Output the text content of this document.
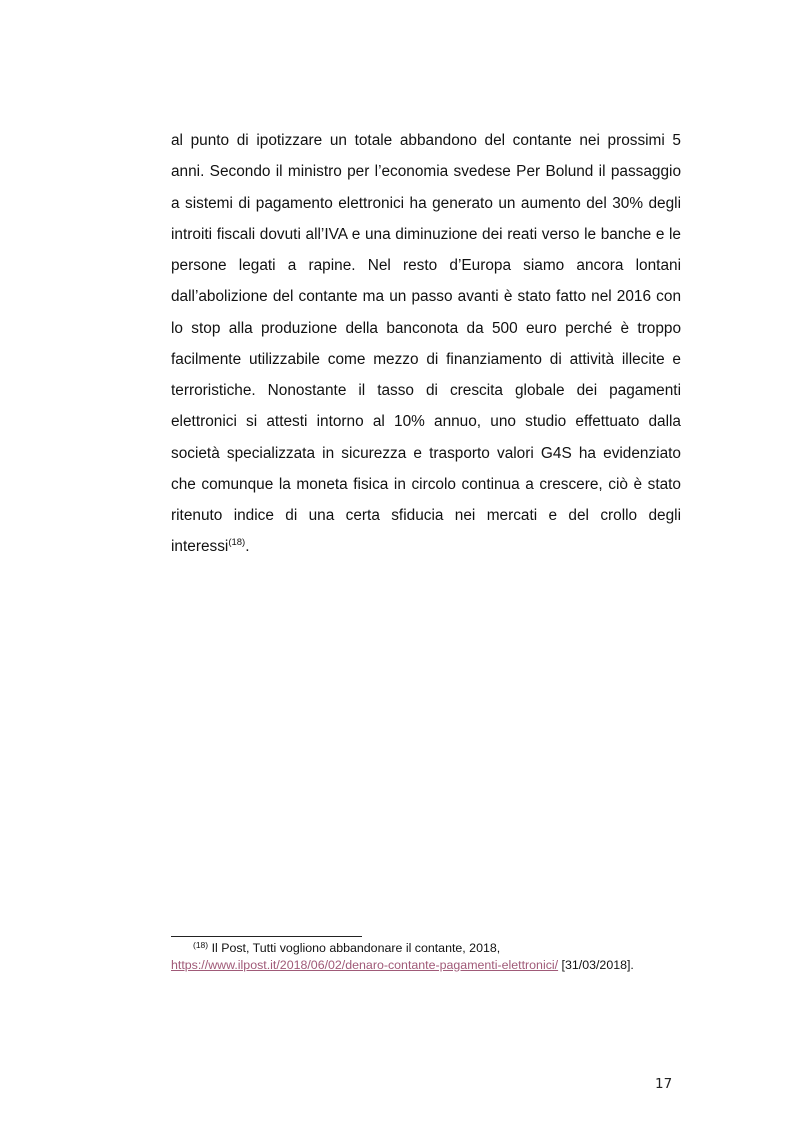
al punto di ipotizzare un totale abbandono del contante nei prossimi 5 anni. Secondo il ministro per l’economia svedese Per Bolund il passaggio a sistemi di pagamento elettronici ha generato un aumento del 30% degli introiti fiscali dovuti all’IVA e una diminuzione dei reati verso le banche e le persone legati a rapine. Nel resto d’Europa siamo ancora lontani dall’abolizione del contante ma un passo avanti è stato fatto nel 2016 con lo stop alla produzione della banconota da 500 euro perché è troppo facilmente utilizzabile come mezzo di finanziamento di attività illecite e terroristiche. Nonostante il tasso di crescita globale dei pagamenti elettronici si attesti intorno al 10% annuo, uno studio effettuato dalla società specializzata in sicurezza e trasporto valori G4S ha evidenziato che comunque la moneta fisica in circolo continua a crescere, ciò è stato ritenuto indice di una certa sfiducia nei mercati e del crollo degli interessi$^{(18)}$.

$^{(18)}$ Il Post, Tutti vogliono abbandonare il contante, 2018,
https://www.ilpost.it/2018/06/02/denaro-contante-pagamenti-elettronici/ [31/03/2018].

17
